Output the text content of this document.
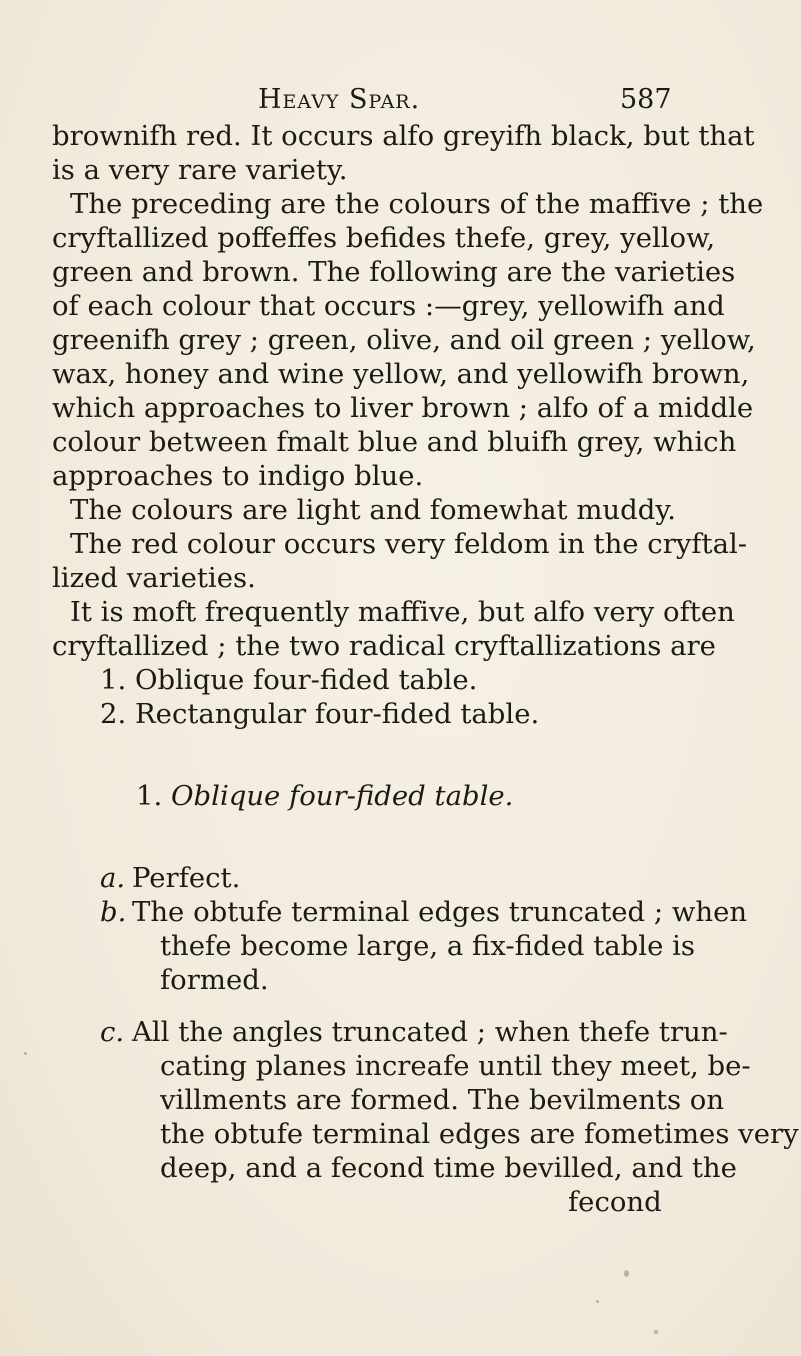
Heavy Spar.	587
brownifh red. It occurs alfo greyifh black, but that
is a very rare variety.
The preceding are the colours of the maffive ; the
cryftallized poffeffes befides thefe, grey, yellow,
green and brown. The following are the varieties
of each colour that occurs :—grey, yellowifh and
greenifh grey ; green, olive, and oil green ; yellow,
wax, honey and wine yellow, and yellowifh brown,
which approaches to liver brown ; alfo of a middle
colour between fmalt blue and bluifh grey, which
approaches to indigo blue.
The colours are light and fomewhat muddy.
The red colour occurs very feldom in the cryftal-
lized varieties.
It is moft frequently maffive, but alfo very often
cryftallized ; the two radical cryftallizations are
1. Oblique four-fided table.
2. Rectangular four-fided table.
1. Oblique four-fided table.
a. Perfect.
b. The obtufe terminal edges truncated ; when
thefe become large, a fix-fided table is
formed.
c. All the angles truncated ; when thefe trun-
cating planes increafe until they meet, be-
villments are formed. The bevilments on
the obtufe terminal edges are fometimes very
deep, and a fecond time bevilled, and the
fecond
